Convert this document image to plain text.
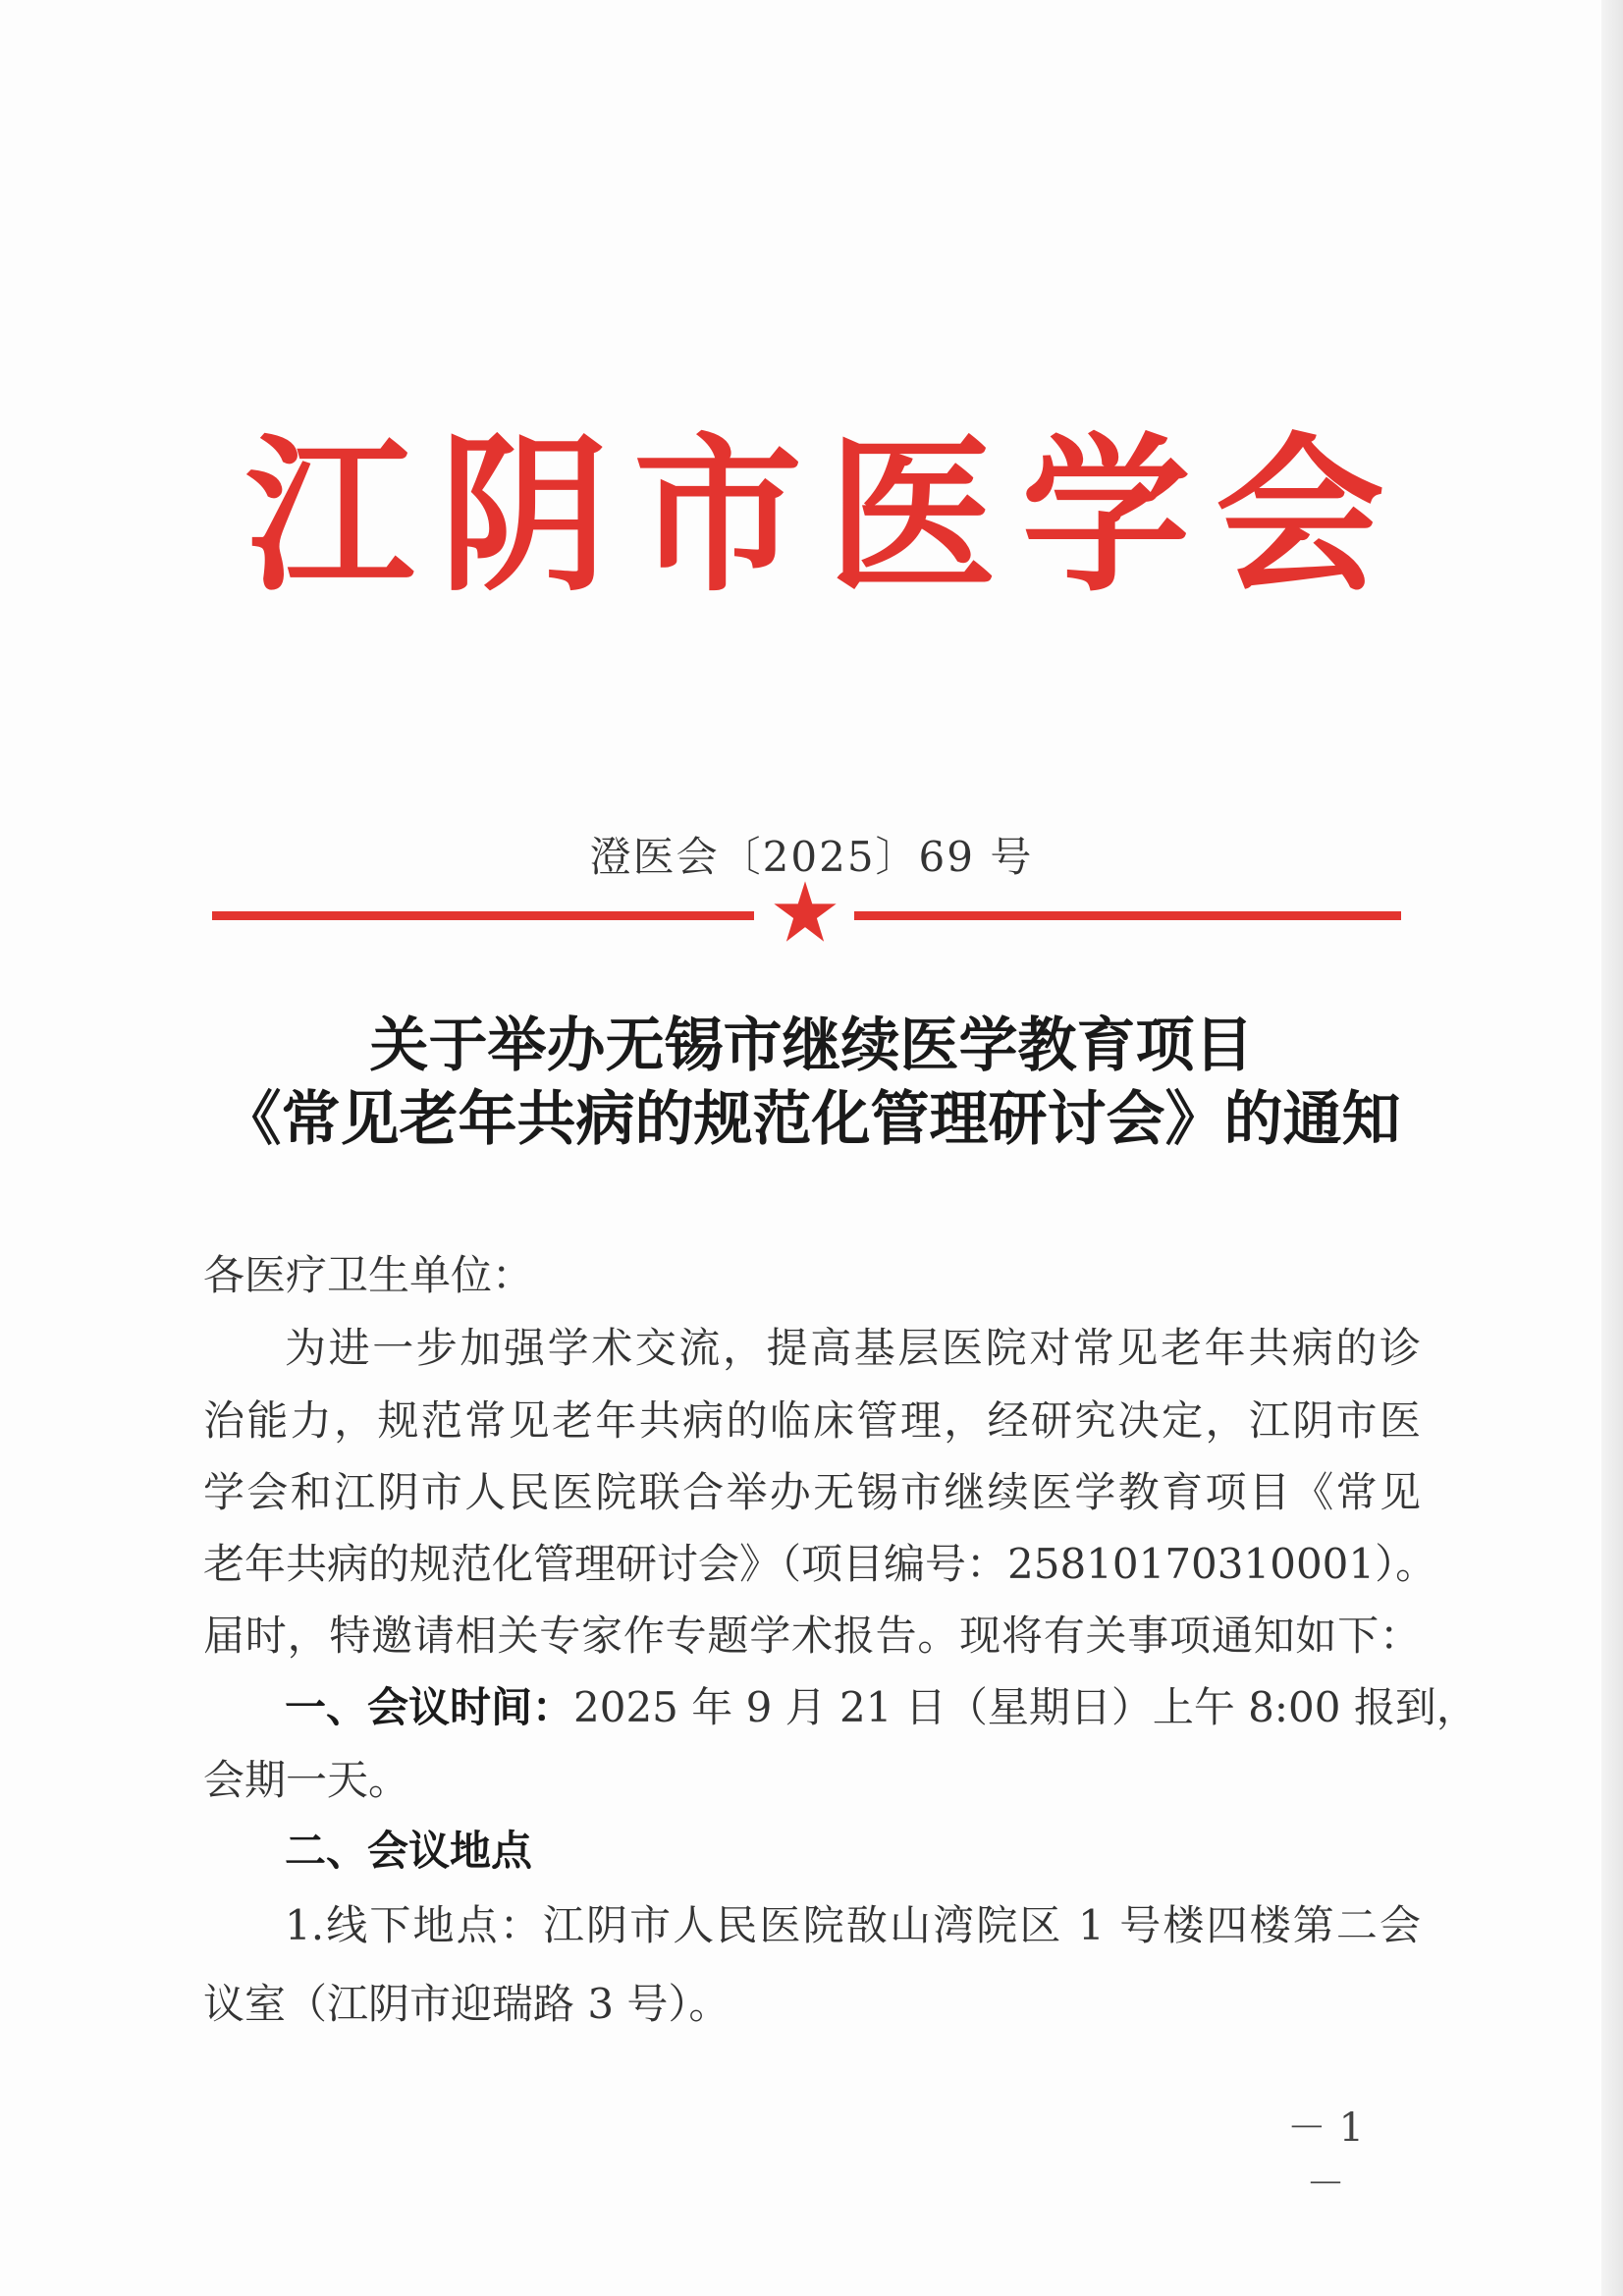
江 阴 市 医 学 会
澄医会〔2025〕69 号
关于举办无锡市继续医学教育项目
《常见老年共病的规范化管理研讨会》的通知
各医疗卫生单位：
为进一步加强学术交流，提高基层医院对常见老年共病的诊
治能力，规范常见老年共病的临床管理，经研究决定，江阴市医
学会和江阴市人民医院联合举办无锡市继续医学教育项目《常见
老年共病的规范化管理研讨会》（项目编号：25810170310001）。
届时，特邀请相关专家作专题学术报告。现将有关事项通知如下：
一、会议时间：2025 年 9 月 21 日（星期日）上午 8:00 报到，
会期一天。
二、会议地点
1.线下地点：江阴市人民医院敔山湾院区 1 号楼四楼第二会
议室（江阴市迎瑞路 3 号）。
－ 1 －
